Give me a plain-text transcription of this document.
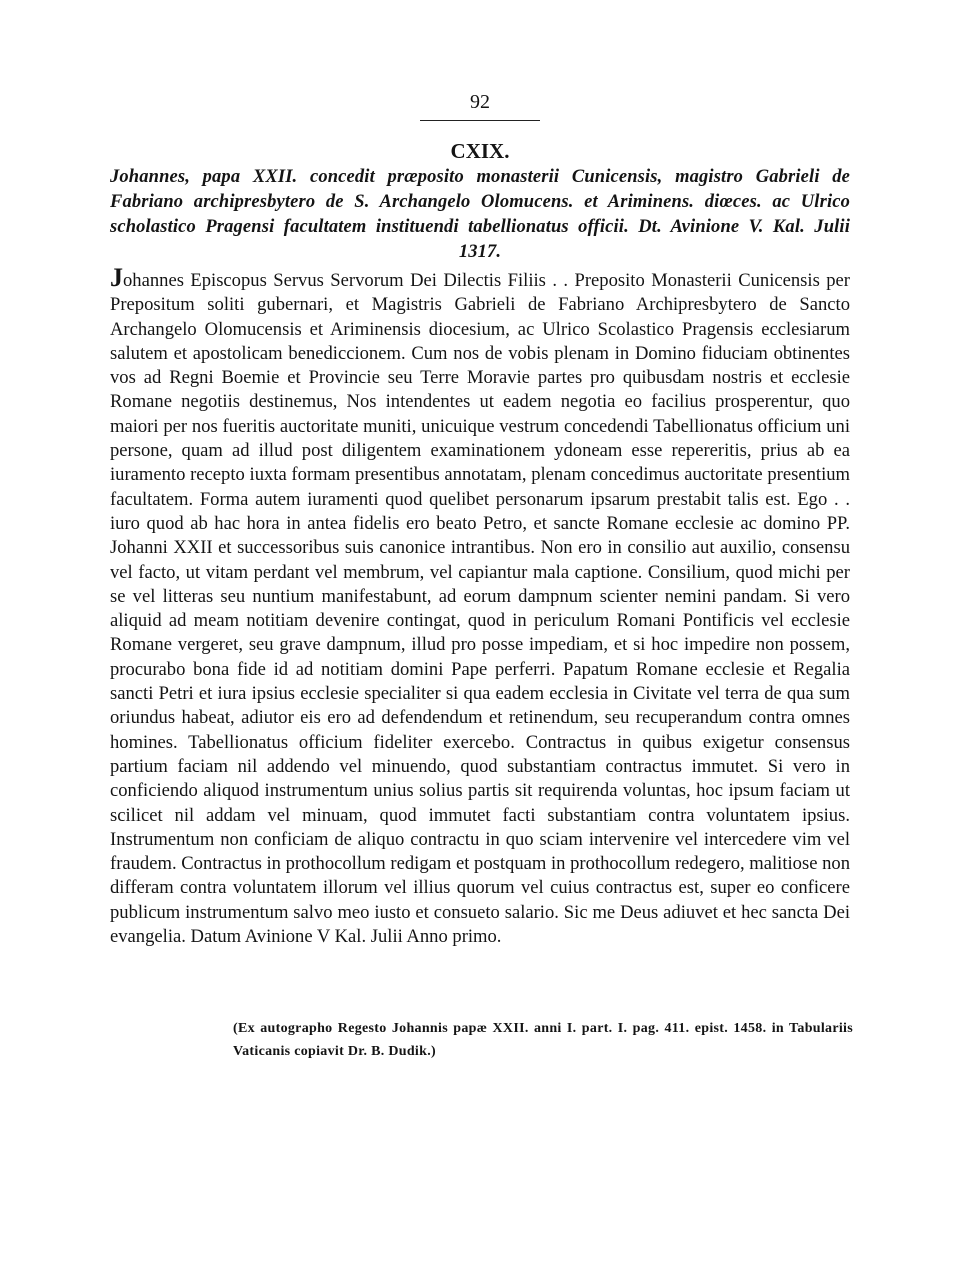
92
CXIX.
Johannes, papa XXII. concedit præposito monasterii Cunicensis, magistro Gabrieli de Fabriano archipresbytero de S. Archangelo Olomucens. et Ariminens. diœces. ac Ulrico scholastico Pragensi facultatem instituendi tabellionatus officii. Dt. Avinione V. Kal. Julii 1317.

Johannes Episcopus Servus Servorum Dei Dilectis Filiis . . Preposito Monasterii Cunicensis per Prepositum soliti gubernari, et Magistris Gabrieli de Fabriano Archipresbytero de Sancto Archangelo Olomucensis et Ariminensis diocesium, ac Ulrico Scolastico Pragensis ecclesiarum salutem et apostolicam benediccionem. Cum nos de vobis plenam in Domino fiduciam obtinentes vos ad Regni Boemie et Provincie seu Terre Moravie partes pro quibusdam nostris et ecclesie Romane negotiis destinemus, Nos intendentes ut eadem negotia eo facilius prosperentur, quo maiori per nos fueritis auctoritate muniti, unicuique vestrum concedendi Tabellionatus officium uni persone, quam ad illud post diligentem examinationem ydoneam esse repereritis, prius ab ea iuramento recepto iuxta formam presentibus annotatam, plenam concedimus auctoritate presentium facultatem. Forma autem iuramenti quod quelibet personarum ipsarum prestabit talis est. Ego . . iuro quod ab hac hora in antea fidelis ero beato Petro, et sancte Romane ecclesie ac domino PP. Johanni XXII et successoribus suis canonice intrantibus. Non ero in consilio aut auxilio, consensu vel facto, ut vitam perdant vel membrum, vel capiantur mala captione. Consilium, quod michi per se vel litteras seu nuntium manifestabunt, ad eorum dampnum scienter nemini pandam. Si vero aliquid ad meam notitiam devenire contingat, quod in periculum Romani Pontificis vel ecclesie Romane vergeret, seu grave dampnum, illud pro posse impediam, et si hoc impedire non possem, procurabo bona fide id ad notitiam domini Pape perferri. Papatum Romane ecclesie et Regalia sancti Petri et iura ipsius ecclesie specialiter si qua eadem ecclesia in Civitate vel terra de qua sum oriundus habeat, adiutor eis ero ad defendendum et retinendum, seu recuperandum contra omnes homines. Tabellionatus officium fideliter exercebo. Contractus in quibus exigetur consensus partium faciam nil addendo vel minuendo, quod substantiam contractus immutet. Si vero in conficiendo aliquod instrumentum unius solius partis sit requirenda voluntas, hoc ipsum faciam ut scilicet nil addam vel minuam, quod immutet facti substantiam contra voluntatem ipsius. Instrumentum non conficiam de aliquo contractu in quo sciam intervenire vel intercedere vim vel fraudem. Contractus in prothocollum redigam et postquam in prothocollum redegero, malitiose non differam contra voluntatem illorum vel illius quorum vel cuius contractus est, super eo conficere publicum instrumentum salvo meo iusto et consueto salario. Sic me Deus adiuvet et hec sancta Dei evangelia. Datum Avinione V Kal. Julii Anno primo.

(Ex autographo Regesto Johannis papæ XXII. anni I. part. I. pag. 411. epist. 1458. in Tabulariis Vaticanis copiavit Dr. B. Dudik.)
